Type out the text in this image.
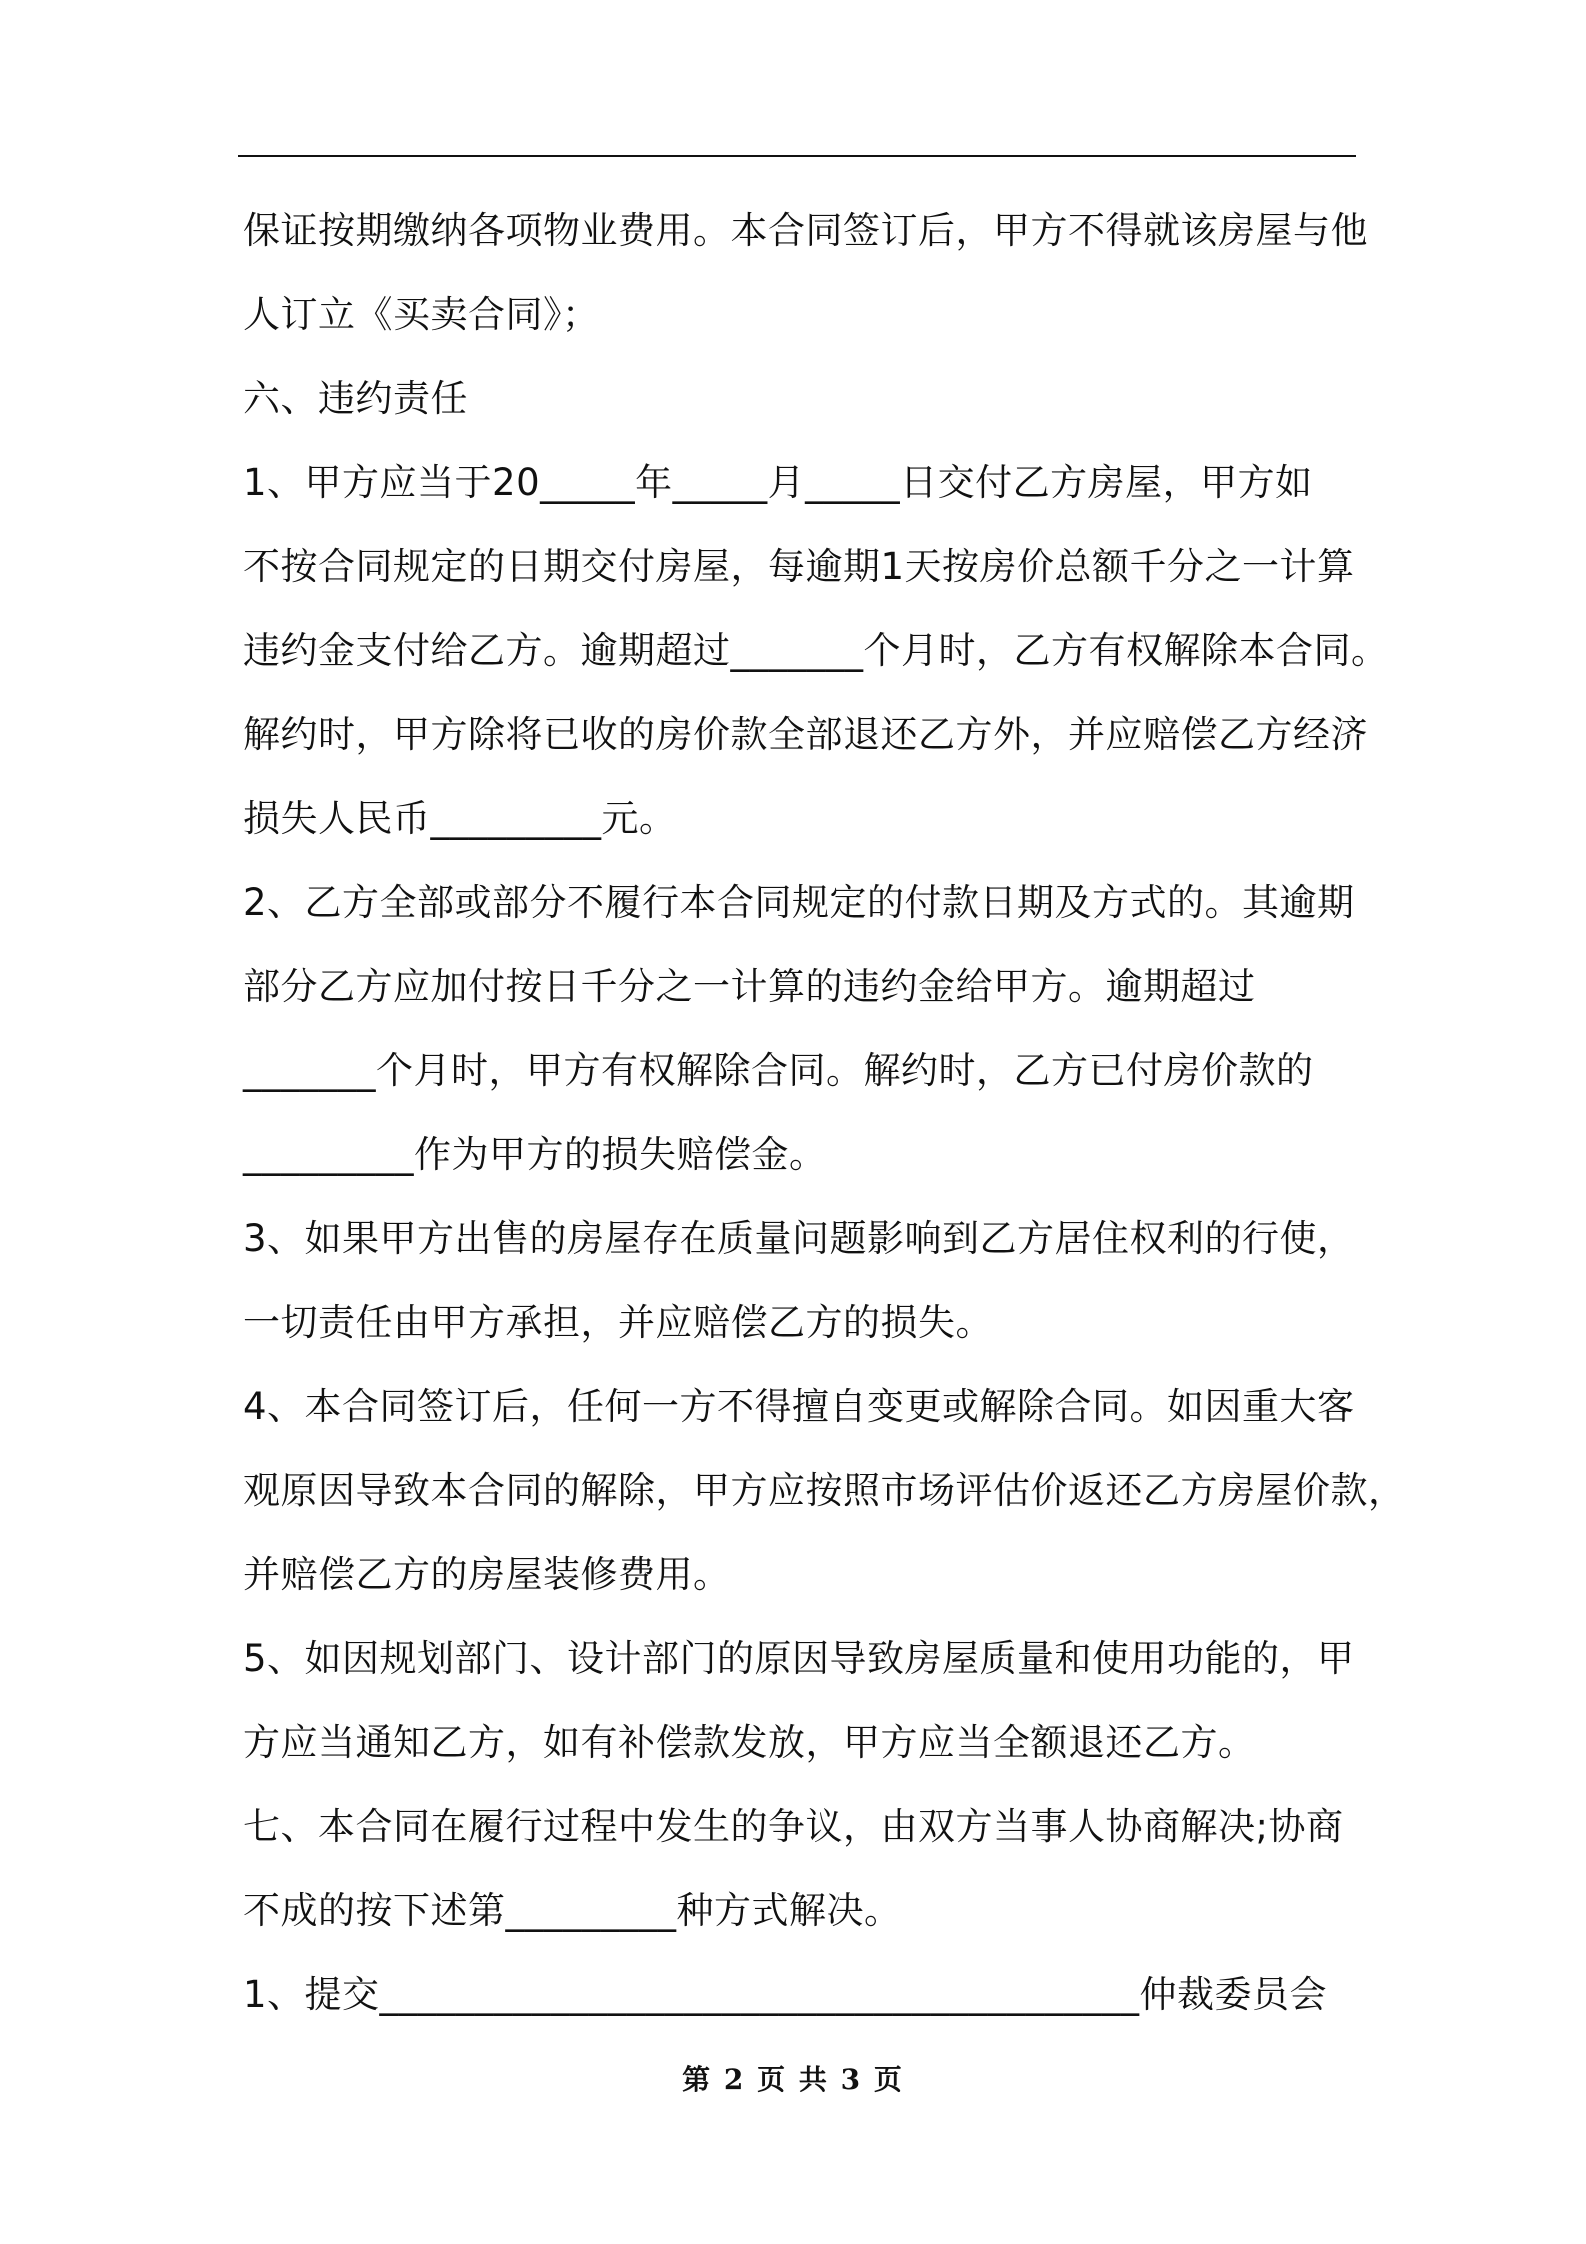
保证按期缴纳各项物业费用。本合同签订后，甲方不得就该房屋与他
人订立《买卖合同》；
六、违约责任
1、甲方应当于20_____年_____月_____日交付乙方房屋，甲方如
不按合同规定的日期交付房屋，每逾期1天按房价总额千分之一计算
违约金支付给乙方。逾期超过_______个月时，乙方有权解除本合同。
解约时，甲方除将已收的房价款全部退还乙方外，并应赔偿乙方经济
损失人民币_________元。
2、乙方全部或部分不履行本合同规定的付款日期及方式的。其逾期
部分乙方应加付按日千分之一计算的违约金给甲方。逾期超过
_______个月时，甲方有权解除合同。解约时，乙方已付房价款的
_________作为甲方的损失赔偿金。
3、如果甲方出售的房屋存在质量问题影响到乙方居住权利的行使，
一切责任由甲方承担，并应赔偿乙方的损失。
4、本合同签订后，任何一方不得擅自变更或解除合同。如因重大客
观原因导致本合同的解除，甲方应按照市场评估价返还乙方房屋价款，
并赔偿乙方的房屋装修费用。
5、如因规划部门、设计部门的原因导致房屋质量和使用功能的，甲
方应当通知乙方，如有补偿款发放，甲方应当全额退还乙方。
七、本合同在履行过程中发生的争议，由双方当事人协商解决;协商
不成的按下述第_________种方式解决。
1、提交________________________________________仲裁委员会
第 2 页 共 3 页
